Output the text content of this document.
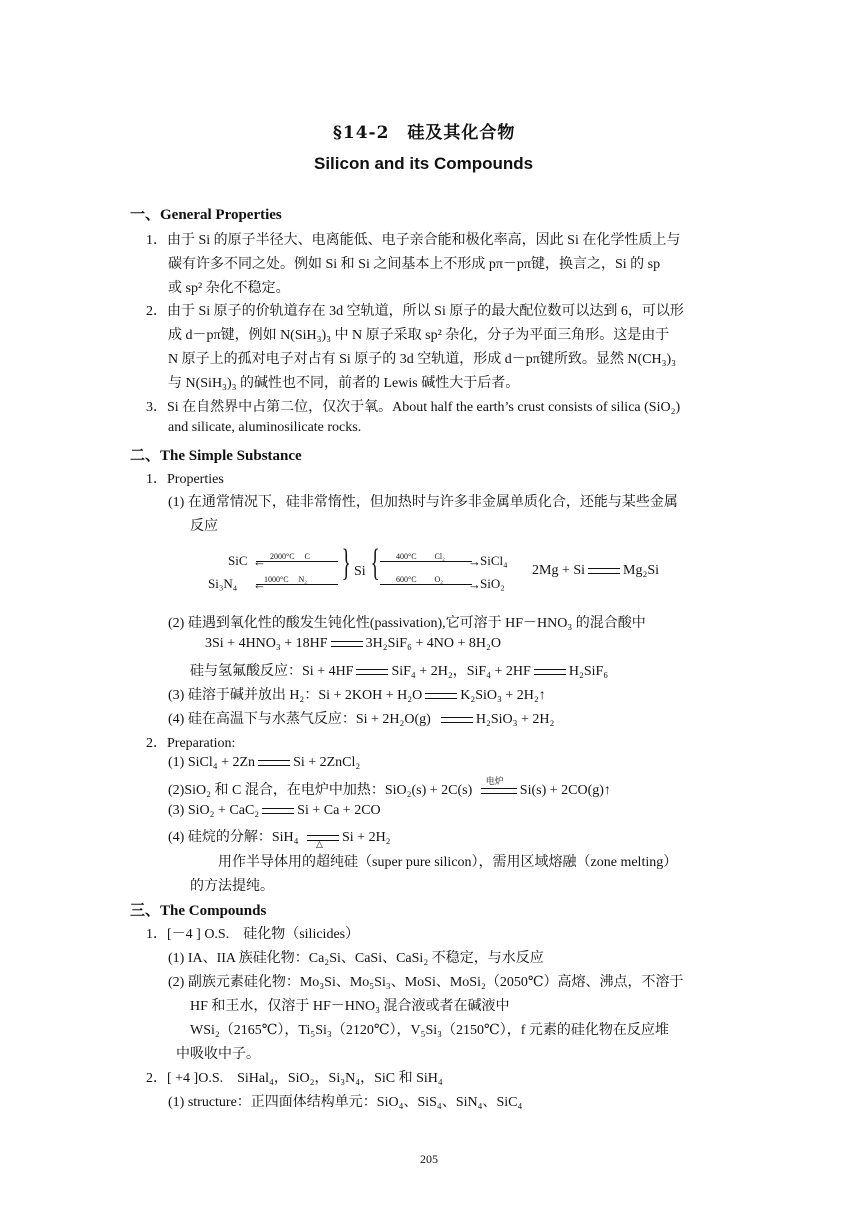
§14-2　硅及其化合物
Silicon and its Compounds
一、General Properties
1．由于 Si 的原子半径大、电离能低、电子亲合能和极化率高，因此 Si 在化学性质上与
碳有许多不同之处。例如 Si 和 Si 之间基本上不形成 pπ－pπ键，换言之，Si 的 sp
或 sp² 杂化不稳定。
2．由于 Si 原子的价轨道存在 3d 空轨道，所以 Si 原子的最大配位数可以达到 6，可以形
成 d－pπ键，例如 N(SiH₃)₃ 中 N 原子采取 sp² 杂化，分子为平面三角形。这是由于
N 原子上的孤对电子对占有 Si 原子的 3d 空轨道，形成 d－pπ键所致。显然 N(CH₃)₃
与 N(SiH₃)₃ 的碱性也不同，前者的 Lewis 碱性大于后者。
3．Si 在自然界中占第二位，仅次于氧。About half the earth’s crust consists of silica (SiO₂)
and silicate, aluminosilicate rocks.
二、The Simple Substance
1．Properties
(1) 在通常情况下，硅非常惰性，但加热时与许多非金属单质化合，还能与某些金属
反应
SiC
Si₃N₄
2000°C　 C
1000°C　 N₂
←
←
} Si { 400°C　　 Cl₂
600°C　　 O₂
→
→
SiCl₄
SiO₂
2Mg + Si	Mg₂Si
(2) 硅遇到氧化性的酸发生钝化性(passivation),它可溶于 HF－HNO₃ 的混合酸中
3Si + 4HNO₃ + 18HF	3H₂SiF₆ + 4NO + 8H₂O
硅与氢氟酸反应：Si + 4HF	SiF₄ + 2H₂，SiF₄ + 2HF	H₂SiF₆
(3) 硅溶于碱并放出 H₂：Si + 2KOH + H₂O	K₂SiO₃ + 2H₂↑
(4) 硅在高温下与水蒸气反应：Si + 2H₂O(g)	H₂SiO₃ + 2H₂
2．Preparation:
(1) SiCl₄ + 2Zn	Si + 2ZnCl₂
(2)SiO₂ 和 C 混合，在电炉中加热：SiO₂(s) + 2C(s)
电炉
Si(s) + 2CO(g)↑
(3) SiO₂ + CaC₂	Si + Ca + 2CO
(4) 硅烷的分解：SiH₄ △ Si + 2H₂
用作半导体用的超纯硅（super pure silicon），需用区域熔融（zone melting）
的方法提纯。
三、The Compounds
1．[－4 ] O.S.　硅化物（silicides）
(1) IA、IIA 族硅化物：Ca₂Si、CaSi、CaSi₂ 不稳定，与水反应
(2) 副族元素硅化物：Mo₃Si、Mo₅Si₃、MoSi、MoSi₂（2050℃）高熔、沸点，不溶于
HF 和王水，仅溶于 HF－HNO₃ 混合液或者在碱液中
WSi₂（2165℃），Ti₅Si₃（2120℃），V₅Si₃（2150℃），f 元素的硅化物在反应堆
中吸收中子。
2．[ +4 ]O.S.　SiHal₄，SiO₂，Si₃N₄，SiC 和 SiH₄
(1) structure：正四面体结构单元：SiO₄、SiS₄、SiN₄、SiC₄
205
